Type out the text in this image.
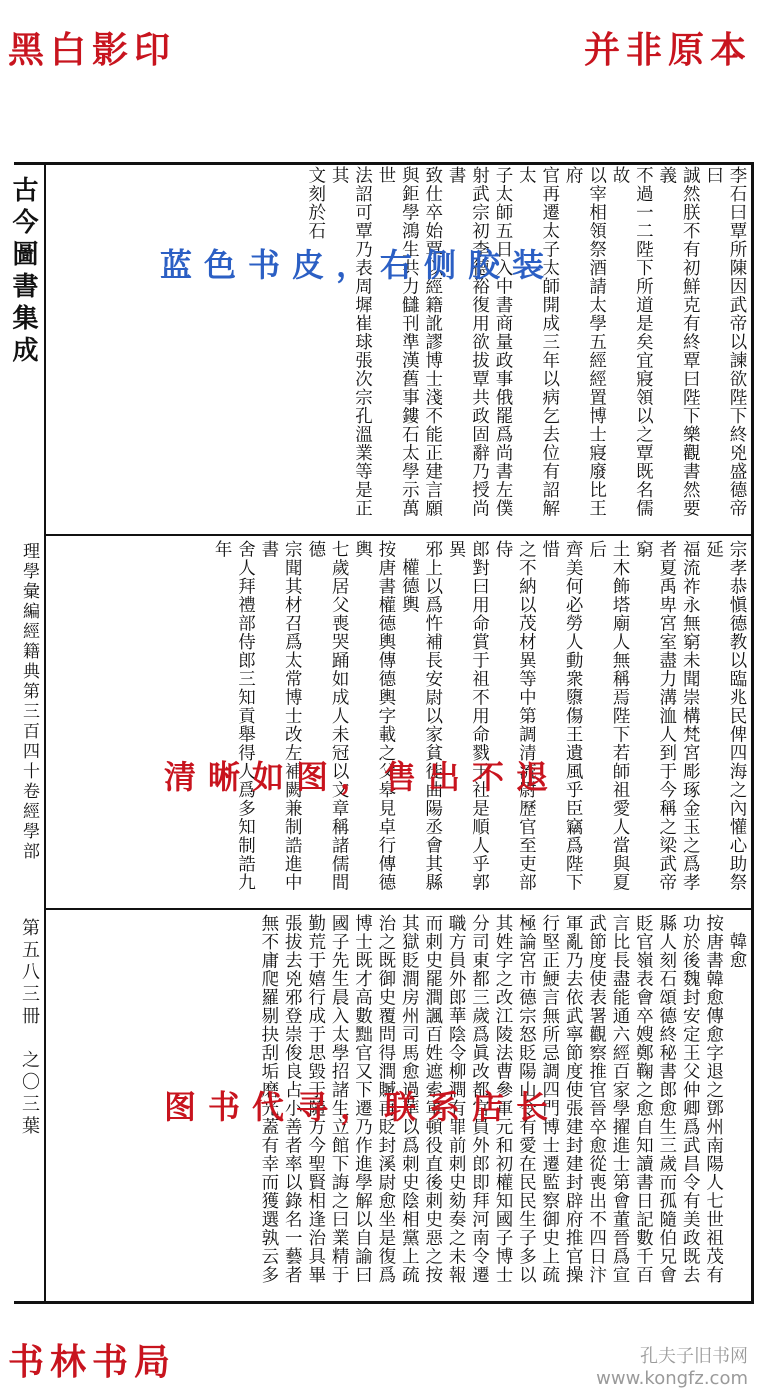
黑白影印	并非原本
书林书局
古今圖書集成
理學彙編經籍典第三百四十卷經學部
第五八三冊　之〇三葉

李石曰覃所陳因武帝以諫欲陛下終兇盛德帝曰

誠然朕不有初鮮克有終覃曰陛下樂觀書然要義

不過一二陛下所道是矣宜寢領以之覃既名儒故

以宰相領祭酒請太學五經經置博士寢廢比王府

官再遷太子太師開成三年以病乞去位有詔解太

子太師五日入中書商量政事俄罷爲尚書左僕

射武宗初李德裕復用欲拔覃共政固辭乃授尚書

致仕卒始覃以經籍訛謬博士淺不能正建言願

與鉅學鴻生共力讎刊準漢舊事鏤石太學示萬世

法詔可覃乃表周墀崔球張次宗孔溫業等是正其

文刻於石

宗孝恭愼德教以臨兆民俾四海之內懽心助祭延

福流祚永無窮未聞崇構梵宮彫琢金玉之爲孝

者夏禹卑宮室盡力溝洫人到于今稱之梁武帝窮

土木飾塔廟人無稱焉陛下若師祖愛人當與夏后

齊美何必勞人動衆隳傷王遺風乎臣竊爲陛下惜

之不納以茂材異等中第調清流尉歷官至吏部侍

郎對曰用命賞于祖不用命戮于社是順人乎郭異

邪上以爲忤補長安尉以家貧徙曲陽丞會其縣

權德輿

按唐書權德輿傳德輿字載之父皋見卓行傳德輿

七歲居父喪哭踊如成人未冠以文章稱諸儒間德

宗聞其材召爲太常博士改左補闕兼制誥進中書

舍人拜禮部侍郎三知貢舉得人爲多知制誥九年

韓愈

按唐書韓愈傳愈字退之鄧州南陽人七世祖茂有

功於後魏封安定王父仲卿爲武昌令有美政既去

縣人刻石頌德終秘書郎愈生三歲而孤隨伯兄會

貶官嶺表會卒嫂鄭鞠之愈自知讀書日記數千百

言比長盡能通六經百家學擢進士第會董晉爲宣

武節度使表署觀察推官晉卒愈從喪出不四日汴

軍亂乃去依武寧節度使張建封建封辟府推官操

行堅正鯁言無所忌調四門博士遷監察御史上疏

極論宮市德宗怒貶陽山令有愛在民民生子多以

其姓字之改江陵法曹參軍元和初權知國子博士

分司東都三歲爲眞改都官員外郎即拜河南令遷

職方員外郎華陰令柳澗有罪前刺史劾奏之未報

而刺史罷澗諷百姓遮索軍頓役直後刺史惡之按

其獄貶澗房州司馬愈過華以爲刺史陰相黨上疏

治之既御史覆問得澗贓再貶封溪尉愈坐是復爲

博士既才高數黜官又下遷乃作進學解以自諭曰

國子先生晨入太學招諸生立館下誨之曰業精于

勤荒于嬉行成于思毀于隨方今聖賢相逢治具畢

張拔去兇邪登崇俊良占小善者率以錄名一藝者

無不庸爬羅剔抉刮垢磨光蓋有幸而獲選孰云多

蓝色书皮，右侧胶装
清晰如图，售出不退
图书代寻，联系店长
孔夫子旧书网
www.kongfz.com
